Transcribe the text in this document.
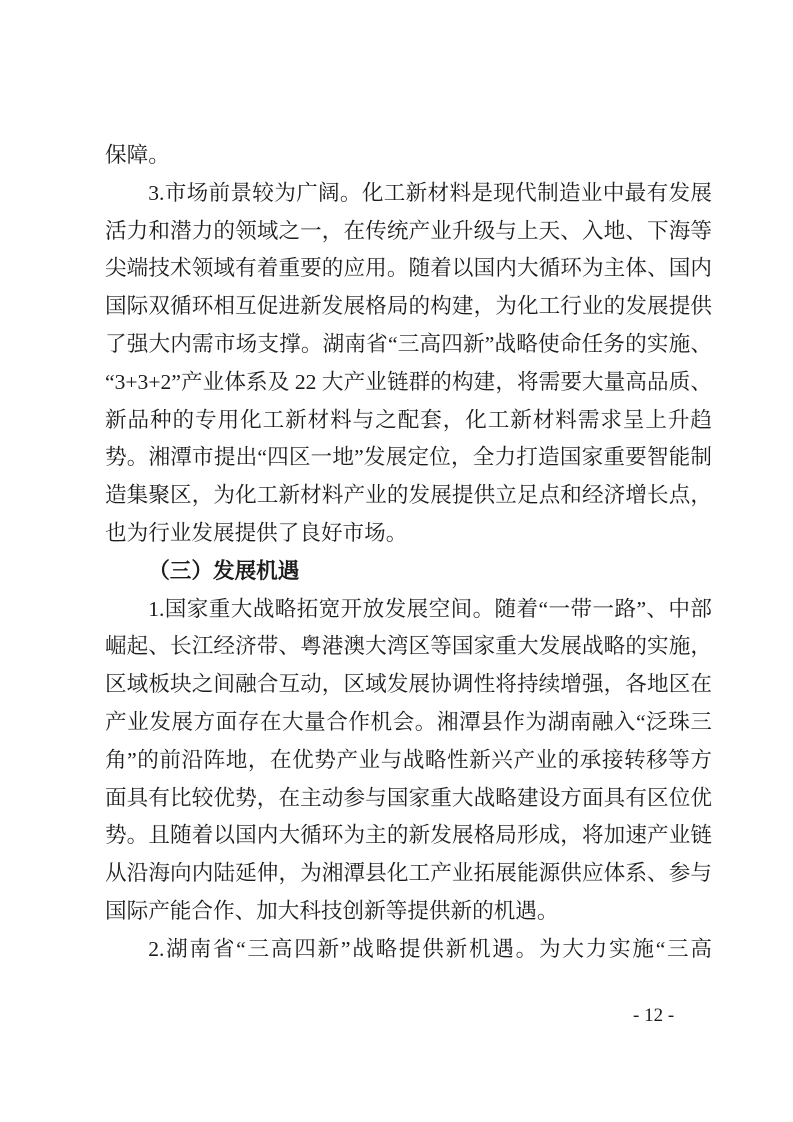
保障。

3.市场前景较为广阔。化工新材料是现代制造业中最有发展活力和潜力的领域之一，在传统产业升级与上天、入地、下海等尖端技术领域有着重要的应用。随着以国内大循环为主体、国内国际双循环相互促进新发展格局的构建，为化工行业的发展提供了强大内需市场支撑。湖南省“三高四新”战略使命任务的实施、“3+3+2”产业体系及 22 大产业链群的构建，将需要大量高品质、新品种的专用化工新材料与之配套，化工新材料需求呈上升趋势。湘潭市提出“四区一地”发展定位，全力打造国家重要智能制造集聚区，为化工新材料产业的发展提供立足点和经济增长点，也为行业发展提供了良好市场。

（三）发展机遇

1.国家重大战略拓宽开放发展空间。随着“一带一路”、中部崛起、长江经济带、粤港澳大湾区等国家重大发展战略的实施，区域板块之间融合互动，区域发展协调性将持续增强，各地区在产业发展方面存在大量合作机会。湘潭县作为湖南融入“泛珠三角”的前沿阵地，在优势产业与战略性新兴产业的承接转移等方面具有比较优势，在主动参与国家重大战略建设方面具有区位优势。且随着以国内大循环为主的新发展格局形成，将加速产业链从沿海向内陆延伸，为湘潭县化工产业拓展能源供应体系、参与国际产能合作、加大科技创新等提供新的机遇。

2.湖南省“三高四新”战略提供新机遇。为大力实施“三高

- 12 -
